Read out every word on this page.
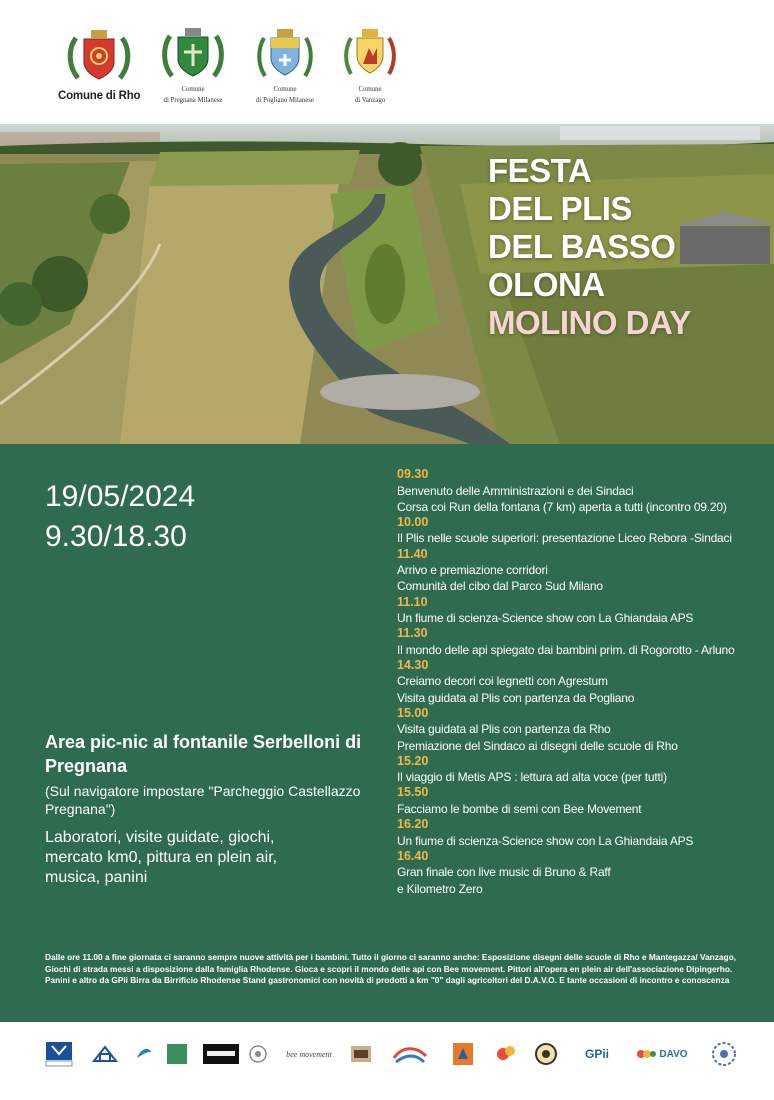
Comune di Rho
Comune
di Pregnana Milanese
Comune
di Pogliano Milanese
Comune
di Vanzago
FESTA
DEL PLIS
DEL BASSO
OLONA
MOLINO DAY
19/05/2024
9.30/18.30
Area pic-nic al fontanile Serbelloni di Pregnana
(Sul navigatore impostare "Parcheggio Castellazzo Pregnana")
Laboratori, visite guidate, giochi, mercato km0, pittura en plein air, musica, panini
09.30
Benvenuto delle Amministrazioni e dei Sindaci
Corsa coi Run della fontana (7 km) aperta a tutti (incontro 09.20)
10.00
Il Plis nelle scuole superiori: presentazione Liceo Rebora -Sindaci
11.40
Arrivo e premiazione corridori
Comunità del cibo dal Parco Sud Milano
11.10
Un fiume di scienza-Science show con La Ghiandaia APS
11.30
Il mondo delle api spiegato dai bambini prim. di Rogorotto - Arluno
14.30
Creiamo decori coi legnetti con Agrestum
Visita guidata al Plis con partenza da Pogliano
15.00
Visita guidata al Plis con partenza da Rho
Premiazione del Sindaco ai disegni delle scuole di Rho
15.20
Il viaggio di Metis APS : lettura ad alta voce (per tutti)
15.50
Facciamo le bombe di semi con Bee Movement
16.20
Un fiume di scienza-Science show con La Ghiandaia APS
16.40
Gran finale con live music di Bruno & Raff
e Kilometro Zero
Dalle ore 11.00 a fine giornata ci saranno sempre nuove attività per i bambini. Tutto il giorno ci saranno anche: Esposizione disegni delle scuole di Rho e Mantegazza/ Vanzago, Giochi di strada messi a disposizione dalla famiglia Rhodense. Gioca e scopri il mondo delle api con Bee movement. Pittori all'opera en plein air dell'associazione Dipingerho. Panini e altro da GPii Birra da Birrificio Rhodense Stand gastronomici con novità di prodotti a km "0" dagli agricoltori del D.A.V.O. E tante occasioni di incontro e conoscenza
bee movement	GPii	DAVO
